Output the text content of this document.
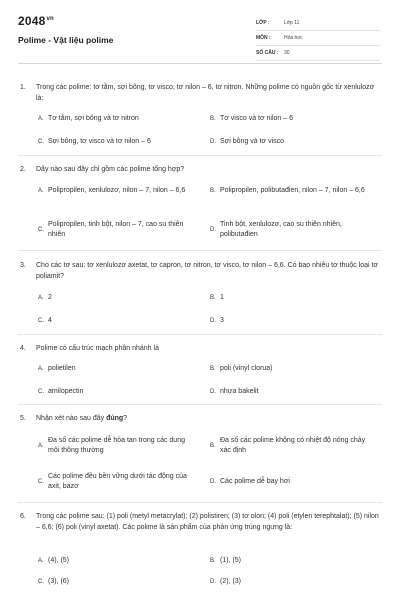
$2048^{vn}$
Polime - Vật liệu polime
LỚP :	Lớp 11
MÔN :	Hóa học
SỐ CÂU :	30
1. Trong các polime: tơ tằm, sợi bông, tơ visco, tơ nilon – 6, tơ nitron. Những polime có nguồn gốc từ xenlulozơ là:
A. Tơ tằm, sợi bông và tơ nitron	B. Tơ visco và tơ nilon – 6
C. Sợi bông, tơ visco và tơ nilon – 6	D. Sợi bông và tơ visco
2. Dãy nào sau đây chỉ gồm các polime tổng hợp?
A. Polipropilen, xenlulozơ, nilon – 7, nilon – 6,6	B. Polipropilen, polibutađien, nilon – 7, nilon – 6,6
C.
Polipropilen, tinh bột, nilon – 7, cao su thiên nhiên
D.
Tinh bột, xenlulozơ, cao su thiên nhiên, polibutađien
3. Cho các tơ sau: tơ xenlulozơ axetat, tơ capron, tơ nitron, tơ visco, tơ nilon – 6,6. Có bao nhiêu tơ thuộc loại tơ poliamit?
A. 2	B. 1
C. 4	D. 3
4. Polime có cấu trúc mạch phân nhánh là
A. polietilen	B. poli (vinyl clorua)
C. amilopectin	D. nhựa bakelit
5. Nhận xét nào sau đây đúng?
A.
Đa số các polime dễ hòa tan trong các dung môi thông thường
B.
Đa số các polime không có nhiệt độ nóng chảy xác định
C.
Các polime đều bền vững dưới tác động của axit, bazơ
D. Các polime dễ bay hơi
6. Trong các polime sau: (1) poli (metyl metacrylat); (2) polistiren; (3) tơ olon; (4) poli (etylen terephtalat); (5) nilon – 6,6; (6) poli (vinyl axetat). Các polime là sản phẩm của phản ứng trùng ngưng là:
A. (4), (5)	B. (1), (5)
C. (3), (6)	D. (2), (3)
